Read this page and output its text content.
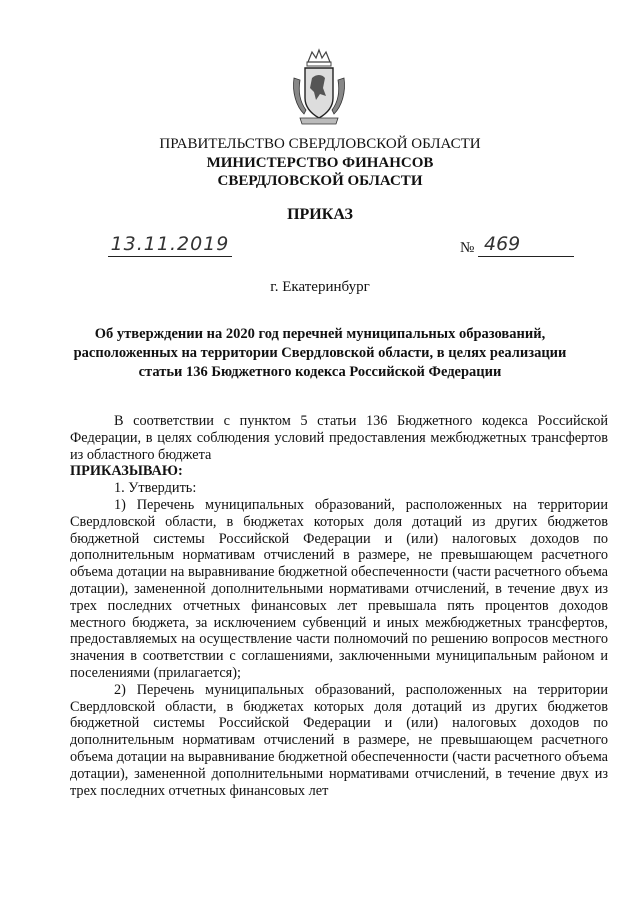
ПРАВИТЕЛЬСТВО СВЕРДЛОВСКОЙ ОБЛАСТИ
МИНИСТЕРСТВО ФИНАНСОВ
СВЕРДЛОВСКОЙ ОБЛАСТИ
ПРИКАЗ
13.11.2019	№ 469
г. Екатеринбург
Об утверждении на 2020 год перечней муниципальных образований, расположенных на территории Свердловской области, в целях реализации статьи 136 Бюджетного кодекса Российской Федерации

В соответствии с пунктом 5 статьи 136 Бюджетного кодекса Российской Федерации, в целях соблюдения условий предоставления межбюджетных трансфертов из областного бюджета

ПРИКАЗЫВАЮ:

1. Утвердить:

1) Перечень муниципальных образований, расположенных на территории Свердловской области, в бюджетах которых доля дотаций из других бюджетов бюджетной системы Российской Федерации и (или) налоговых доходов по дополнительным нормативам отчислений в размере, не превышающем расчетного объема дотации на выравнивание бюджетной обеспеченности (части расчетного объема дотации), замененной дополнительными нормативами отчислений, в течение двух из трех последних отчетных финансовых лет превышала пять процентов доходов местного бюджета, за исключением субвенций и иных межбюджетных трансфертов, предоставляемых на осуществление части полномочий по решению вопросов местного значения в соответствии с соглашениями, заключенными муниципальным районом и поселениями (прилагается);

2) Перечень муниципальных образований, расположенных на территории Свердловской области, в бюджетах которых доля дотаций из других бюджетов бюджетной системы Российской Федерации и (или) налоговых доходов по дополнительным нормативам отчислений в размере, не превышающем расчетного объема дотации на выравнивание бюджетной обеспеченности (части расчетного объема дотации), замененной дополнительными нормативами отчислений, в течение двух из трех последних отчетных финансовых лет
